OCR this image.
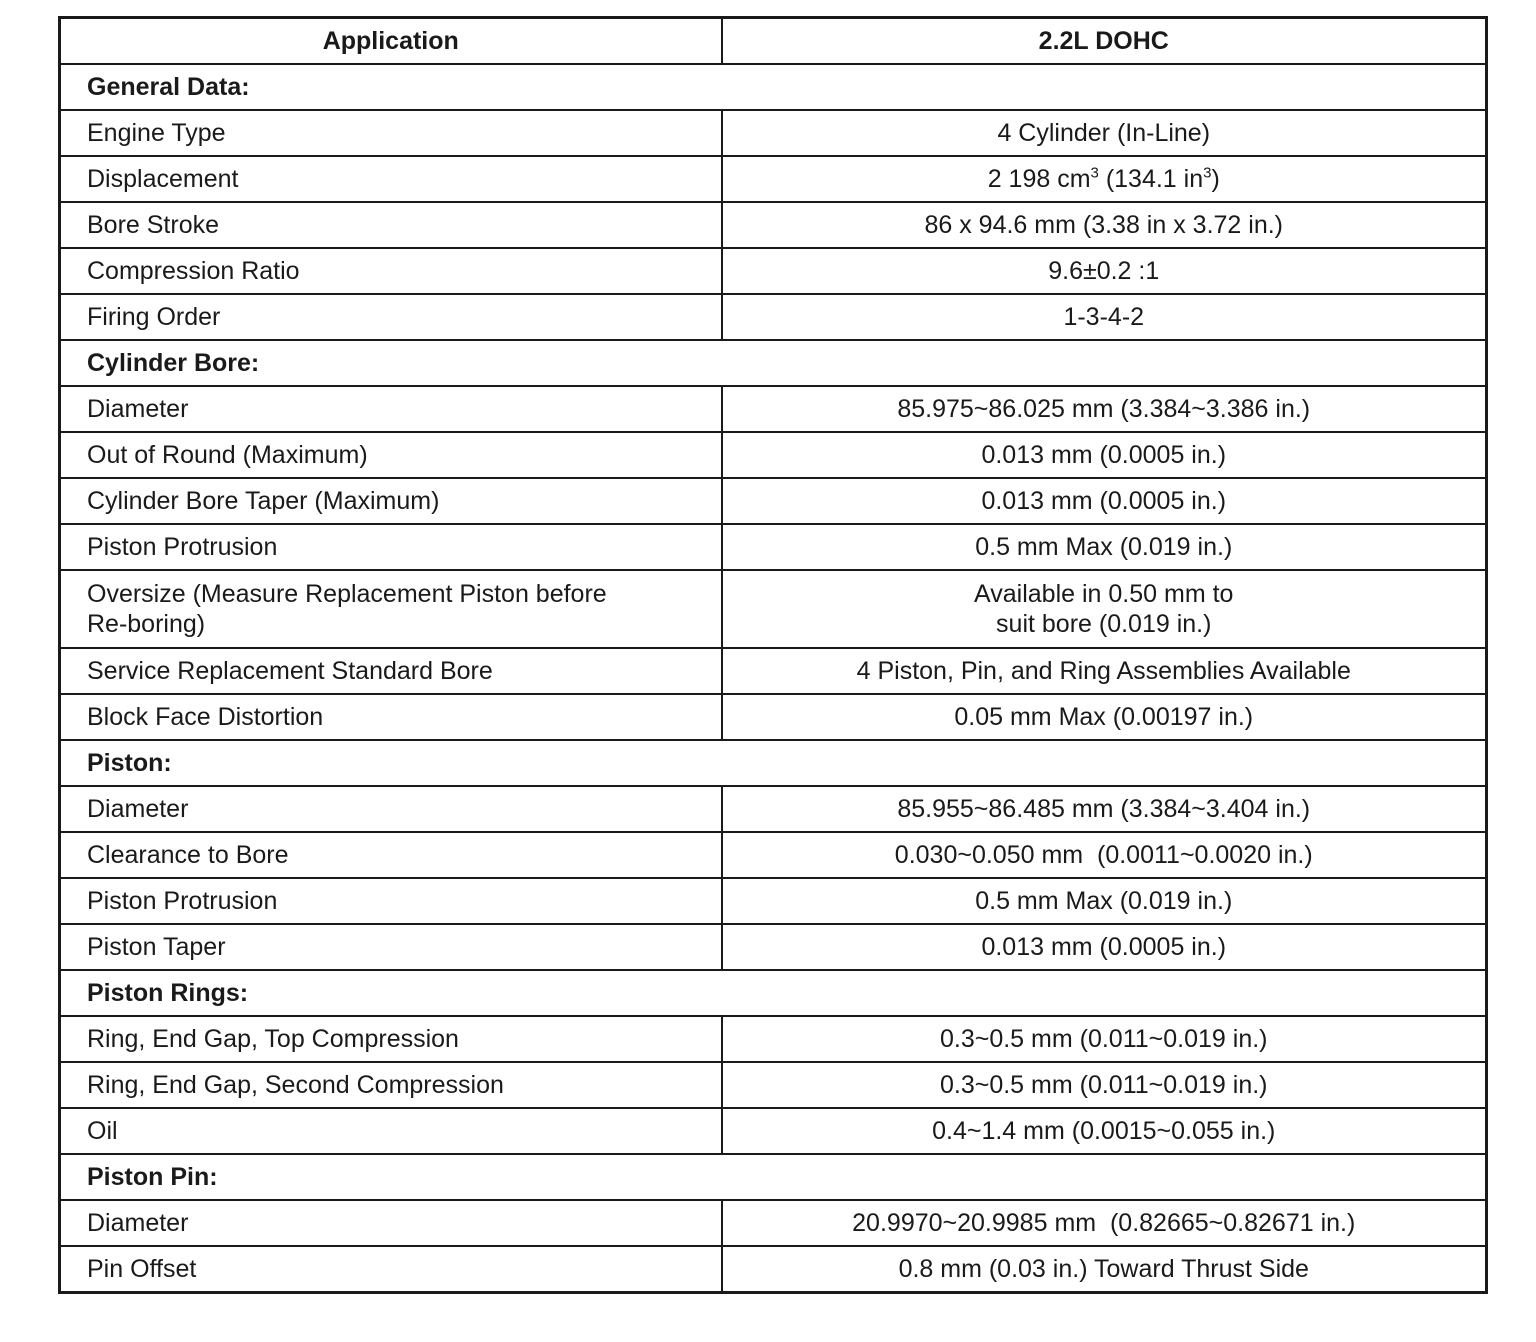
Application	2.2L DOHC
General Data:	
Engine Type	4 Cylinder (In-Line)
Displacement	2 198 $cm^3$ (134.1 $in^3$)
Bore Stroke	86 x 94.6 mm (3.38 in x 3.72 in.)
Compression Ratio	9.6±0.2 :1
Firing Order	1-3-4-2
Cylinder Bore:	
Diameter	85.975~86.025 mm (3.384~3.386 in.)
Out of Round (Maximum)	0.013 mm (0.0005 in.)
Cylinder Bore Taper (Maximum)	0.013 mm (0.0005 in.)
Piston Protrusion	0.5 mm Max (0.019 in.)
Oversize (Measure Replacement Piston before
Re-boring)	Available in 0.50 mm to
suit bore (0.019 in.)
Service Replacement Standard Bore	4 Piston, Pin, and Ring Assemblies Available
Block Face Distortion	0.05 mm Max (0.00197 in.)
Piston:	
Diameter	85.955~86.485 mm (3.384~3.404 in.)
Clearance to Bore	0.030~0.050 mm  (0.0011~0.0020 in.)
Piston Protrusion	0.5 mm Max (0.019 in.)
Piston Taper	0.013 mm (0.0005 in.)
Piston Rings:	
Ring, End Gap, Top Compression	0.3~0.5 mm (0.011~0.019 in.)
Ring, End Gap, Second Compression	0.3~0.5 mm (0.011~0.019 in.)
Oil	0.4~1.4 mm (0.0015~0.055 in.)
Piston Pin:	
Diameter	20.9970~20.9985 mm  (0.82665~0.82671 in.)
Pin Offset	0.8 mm (0.03 in.) Toward Thrust Side
